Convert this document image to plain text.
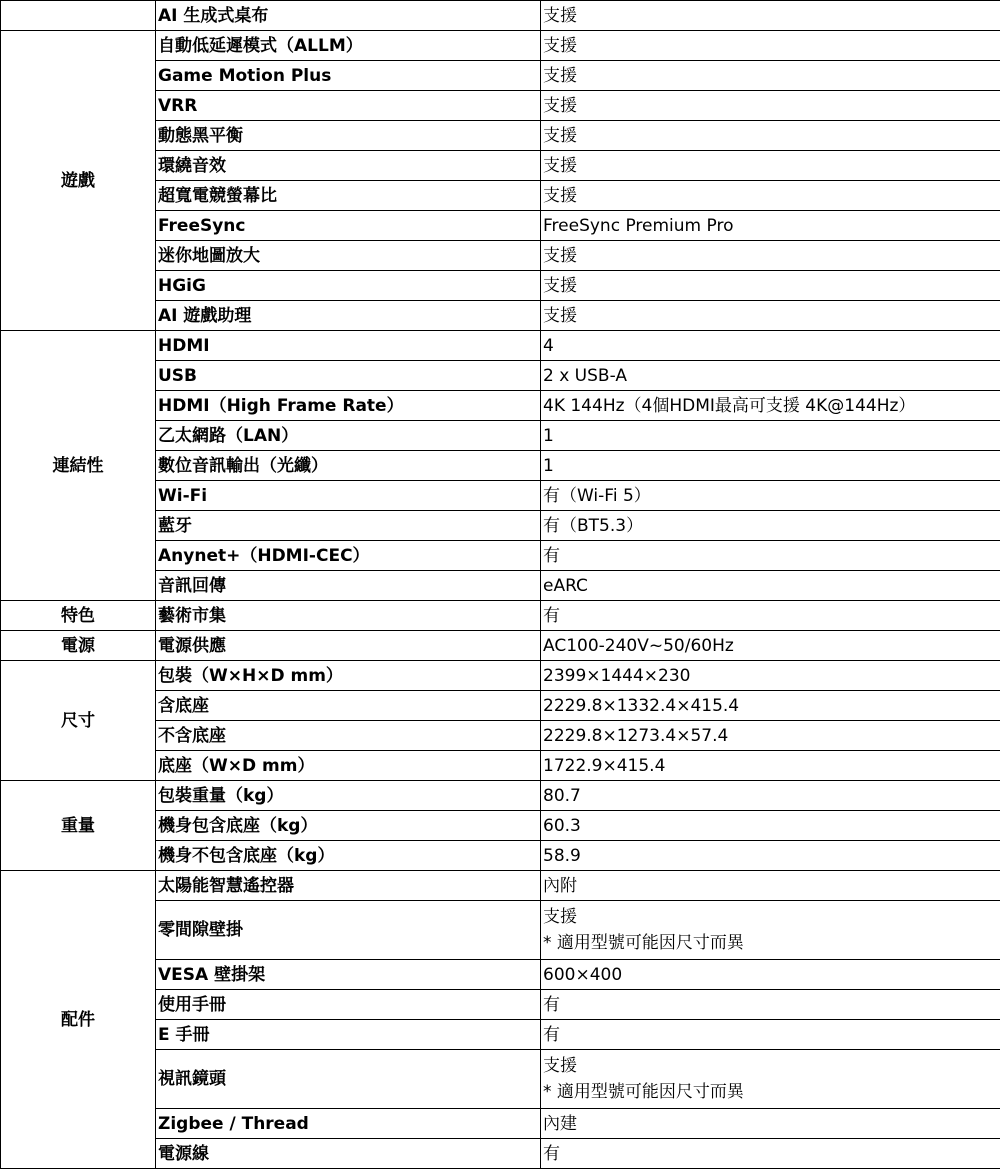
	AI 生成式桌布	支援

遊戲	自動低延遲模式（ALLM）	支援

	Game Motion Plus	支援

	VRR	支援

	動態黑平衡	支援

	環繞音效	支援

	超寬電競螢幕比	支援

	FreeSync	FreeSync Premium Pro

	迷你地圖放大	支援

	HGiG	支援

	AI 遊戲助理	支援

連結性	HDMI	4

	USB	2 x USB-A

	HDMI（High Frame Rate）	4K 144Hz（4個HDMI最高可支援 4K@144Hz）

	乙太網路（LAN）	1

	數位音訊輸出（光纖）	1

	Wi-Fi	有（Wi-Fi 5）

	藍牙	有（BT5.3）

	Anynet+（HDMI-CEC）	有

	音訊回傳	eARC

特色	藝術市集	有

電源	電源供應	AC100-240V~50/60Hz

尺寸	包裝（W×H×D mm）	2399×1444×230

	含底座	2229.8×1332.4×415.4

	不含底座	2229.8×1273.4×57.4

	底座（W×D mm）	1722.9×415.4

重量	包裝重量（kg）	80.7

	機身包含底座（kg）	60.3

	機身不包含底座（kg）	58.9

配件	太陽能智慧遙控器	內附

	零間隙壁掛	支援
* 適用型號可能因尺寸而異

	VESA 壁掛架	600×400

	使用手冊	有

	E 手冊	有

	視訊鏡頭	支援
* 適用型號可能因尺寸而異

	Zigbee / Thread	內建

	電源線	有
